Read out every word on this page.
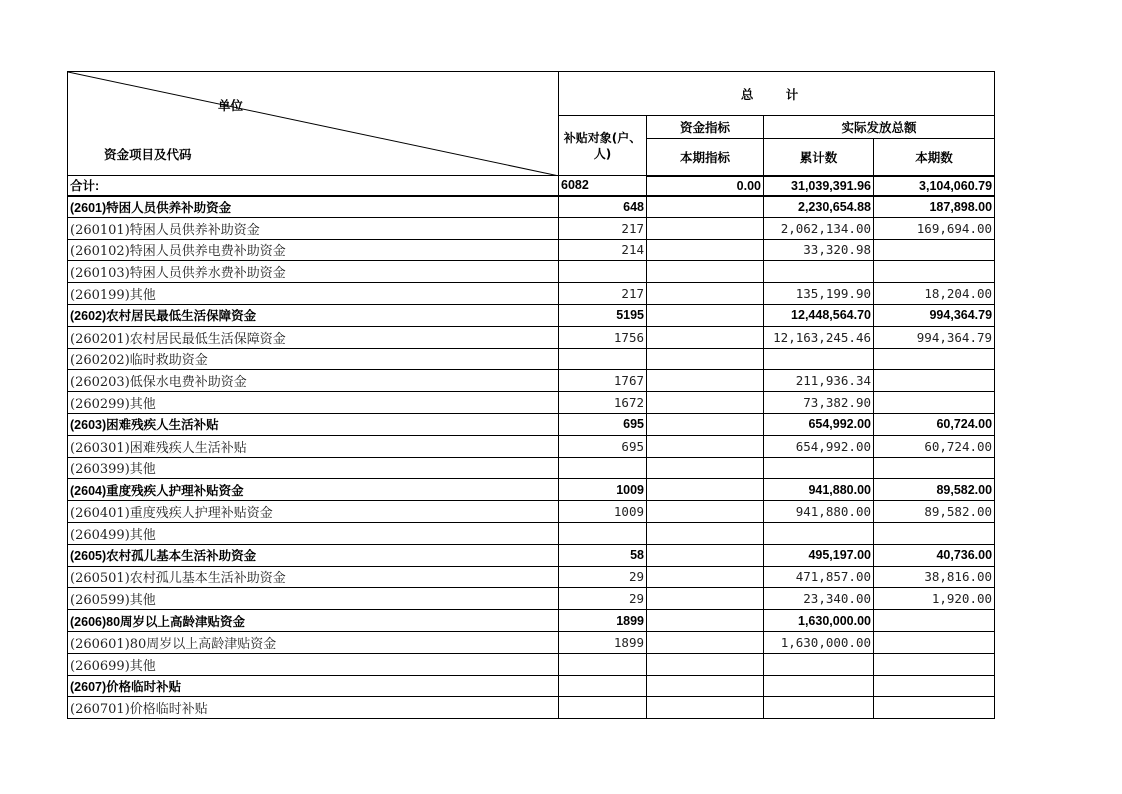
单位
资金项目及代码	总 计			
	补贴对象(户、人)	资金指标	实际发放总额	
		本期指标	累计数	本期数
合计:	6082	0.00	31,039,391.96	3,104,060.79
(2601)特困人员供养补助资金	648		2,230,654.88	187,898.00
(260101)特困人员供养补助资金	217		2,062,134.00	169,694.00
(260102)特困人员供养电费补助资金	214		33,320.98	
(260103)特困人员供养水费补助资金				
(260199)其他	217		135,199.90	18,204.00
(2602)农村居民最低生活保障资金	5195		12,448,564.70	994,364.79
(260201)农村居民最低生活保障资金	1756		12,163,245.46	994,364.79
(260202)临时救助资金				
(260203)低保水电费补助资金	1767		211,936.34	
(260299)其他	1672		73,382.90	
(2603)困难残疾人生活补贴	695		654,992.00	60,724.00
(260301)困难残疾人生活补贴	695		654,992.00	60,724.00
(260399)其他				
(2604)重度残疾人护理补贴资金	1009		941,880.00	89,582.00
(260401)重度残疾人护理补贴资金	1009		941,880.00	89,582.00
(260499)其他				
(2605)农村孤儿基本生活补助资金	58		495,197.00	40,736.00
(260501)农村孤儿基本生活补助资金	29		471,857.00	38,816.00
(260599)其他	29		23,340.00	1,920.00
(2606)80周岁以上高龄津贴资金	1899		1,630,000.00	
(260601)80周岁以上高龄津贴资金	1899		1,630,000.00	
(260699)其他				
(2607)价格临时补贴				
(260701)价格临时补贴				
